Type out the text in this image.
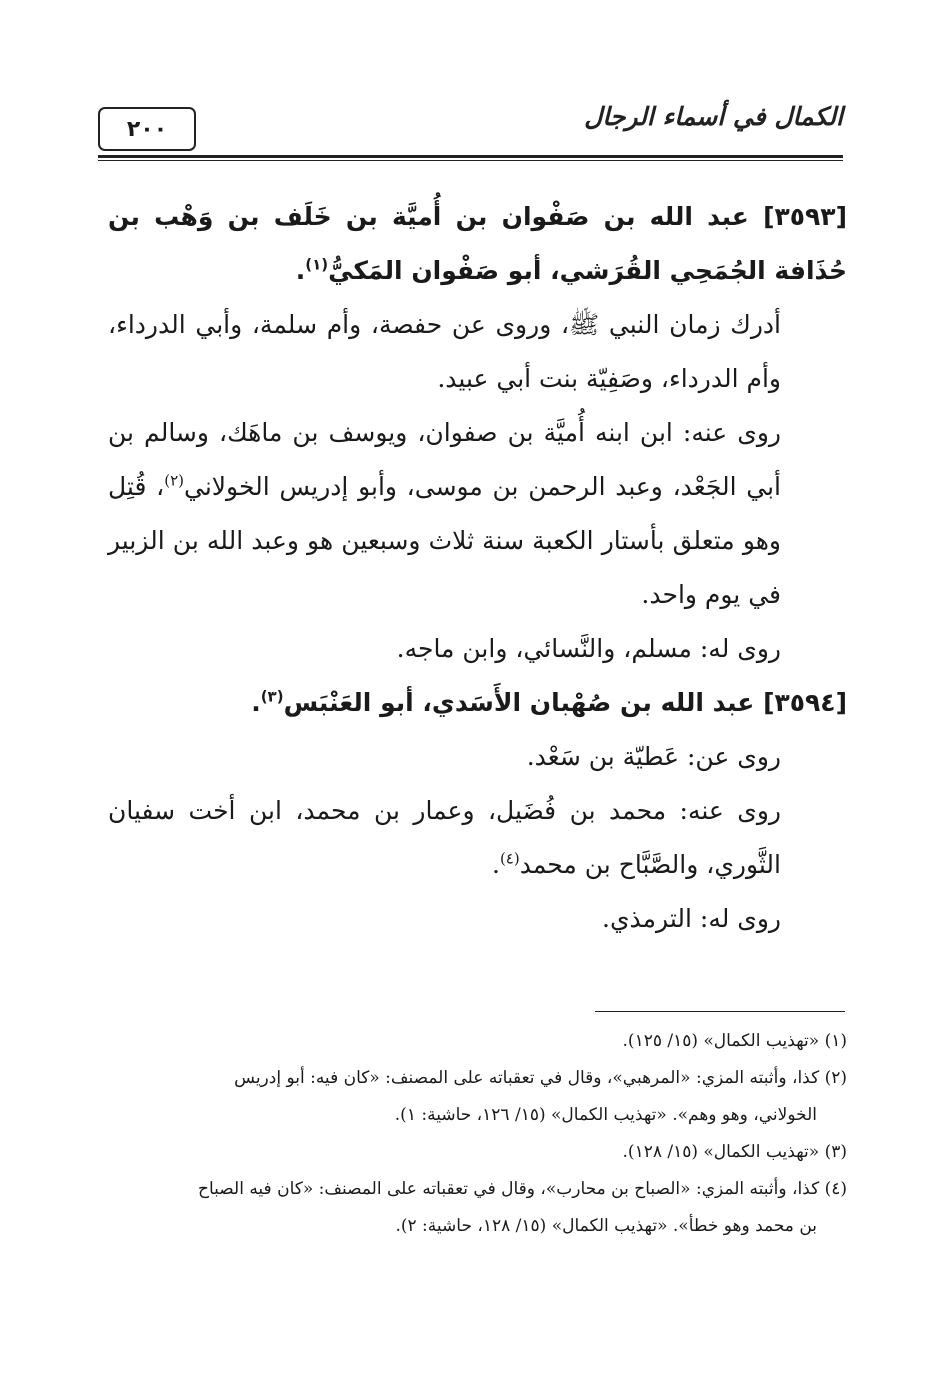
الكمال في أسماء الرجال
٢٠٠

[٣٥٩٣] عبد الله بن صَفْوان بن أُميَّة بن خَلَف بن وَهْب بن حُذَافة الجُمَحِي القُرَشي، أبو صَفْوان المَكيُّ$^{(١)}$.

أدرك زمان النبي ﷺ، وروى عن حفصة، وأم سلمة، وأبي الدرداء، وأم الدرداء، وصَفِيّة بنت أبي عبيد.

روى عنه: ابن ابنه أُميَّة بن صفوان، ويوسف بن ماهَك، وسالم بن أبي الجَعْد، وعبد الرحمن بن موسى، وأبو إدريس الخولاني$^{(٢)}$، قُتِل وهو متعلق بأستار الكعبة سنة ثلاث وسبعين هو وعبد الله بن الزبير في يوم واحد.

روى له: مسلم، والنَّسائي، وابن ماجه.

[٣٥٩٤] عبد الله بن صُهْبان الأَسَدي، أبو العَنْبَس$^{(٣)}$.

روى عن: عَطيّة بن سَعْد.

روى عنه: محمد بن فُضَيل، وعمار بن محمد، ابن أخت سفيان الثَّوري، والصَّبَّاح بن محمد$^{(٤)}$.

روى له: الترمذي.

(١) «تهذيب الكمال» (١٥/ ١٢٥).

(٢) كذا، وأثبته المزي: «المرهبي»، وقال في تعقباته على المصنف: «كان فيه: أبو إدريس

الخولاني، وهو وهم». «تهذيب الكمال» (١٥/ ١٢٦، حاشية: ١).

(٣) «تهذيب الكمال» (١٥/ ١٢٨).

(٤) كذا، وأثبته المزي: «الصباح بن محارب»، وقال في تعقباته على المصنف: «كان فيه الصباح

بن محمد وهو خطأ». «تهذيب الكمال» (١٥/ ١٢٨، حاشية: ٢).
